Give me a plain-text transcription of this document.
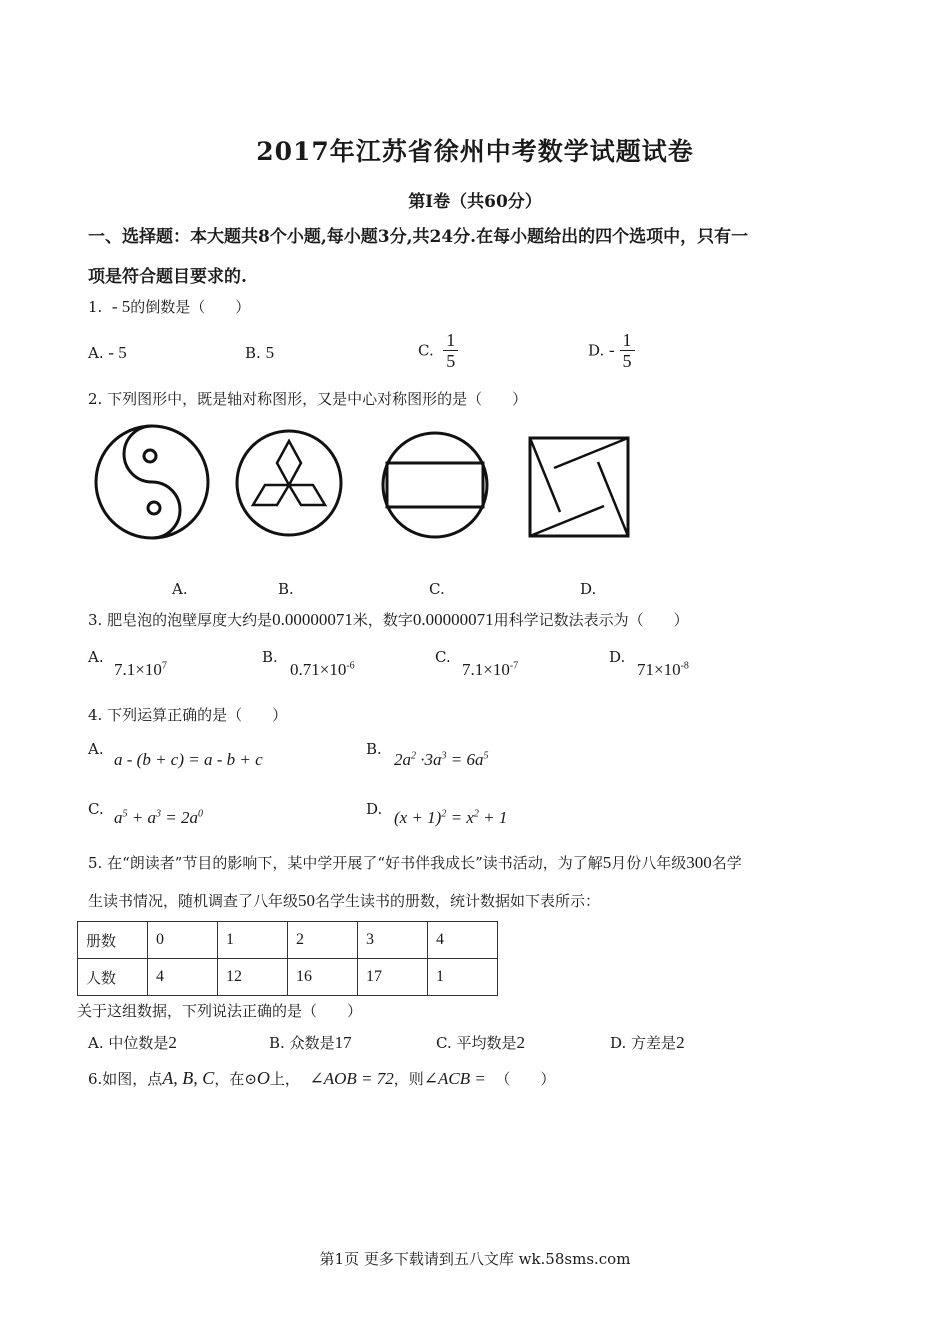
2017年江苏省徐州中考数学试题试卷
第Ⅰ卷（共60分）
一、选择题：本大题共8个小题,每小题3分,共24分.在每小题给出的四个选项中，只有一
项是符合题目要求的.
1. - 5的倒数是（　　）
A. - 5	B. 5	C. $\frac{1}{5}$	D. - $\frac{1}{5}$
2. 下列图形中，既是轴对称图形，又是中心对称图形的是（　　）
A.	B.	C.	D.
3. 肥皂泡的泡壁厚度大约是0.00000071米，数字0.00000071用科学记数法表示为（　　）
A.
$7.1\times 10^7$	B.
$0.71\times 10^{-6}$	C.
$7.1\times 10^{-7}$	D.
$71\times 10^{-8}$
4. 下列运算正确的是（　　）
A.
a - (b + c) = a - b + c
B.
$2a^2 \cdot 3a^3 = 6a^5$
C. $a^5 + a^3 = 2a^0$	D. $(x + 1)^2 = x^2 + 1$
5. 在“朗读者”节目的影响下，某中学开展了“好书伴我成长”读书活动，为了解5月份八年级300名学
生读书情况，随机调查了八年级50名学生读书的册数，统计数据如下表所示：
册数	0	1	2	3	4
人数	4	12	16	17	1
关于这组数据，下列说法正确的是（　　）
A. 中位数是2	B. 众数是17	C. 平均数是2	D. 方差是2
6.如图，点A, B, C，在⊙O上， ∠AOB = 72，则∠ACB = （　　）
第1页 更多下载请到五八文库 wk.58sms.com
